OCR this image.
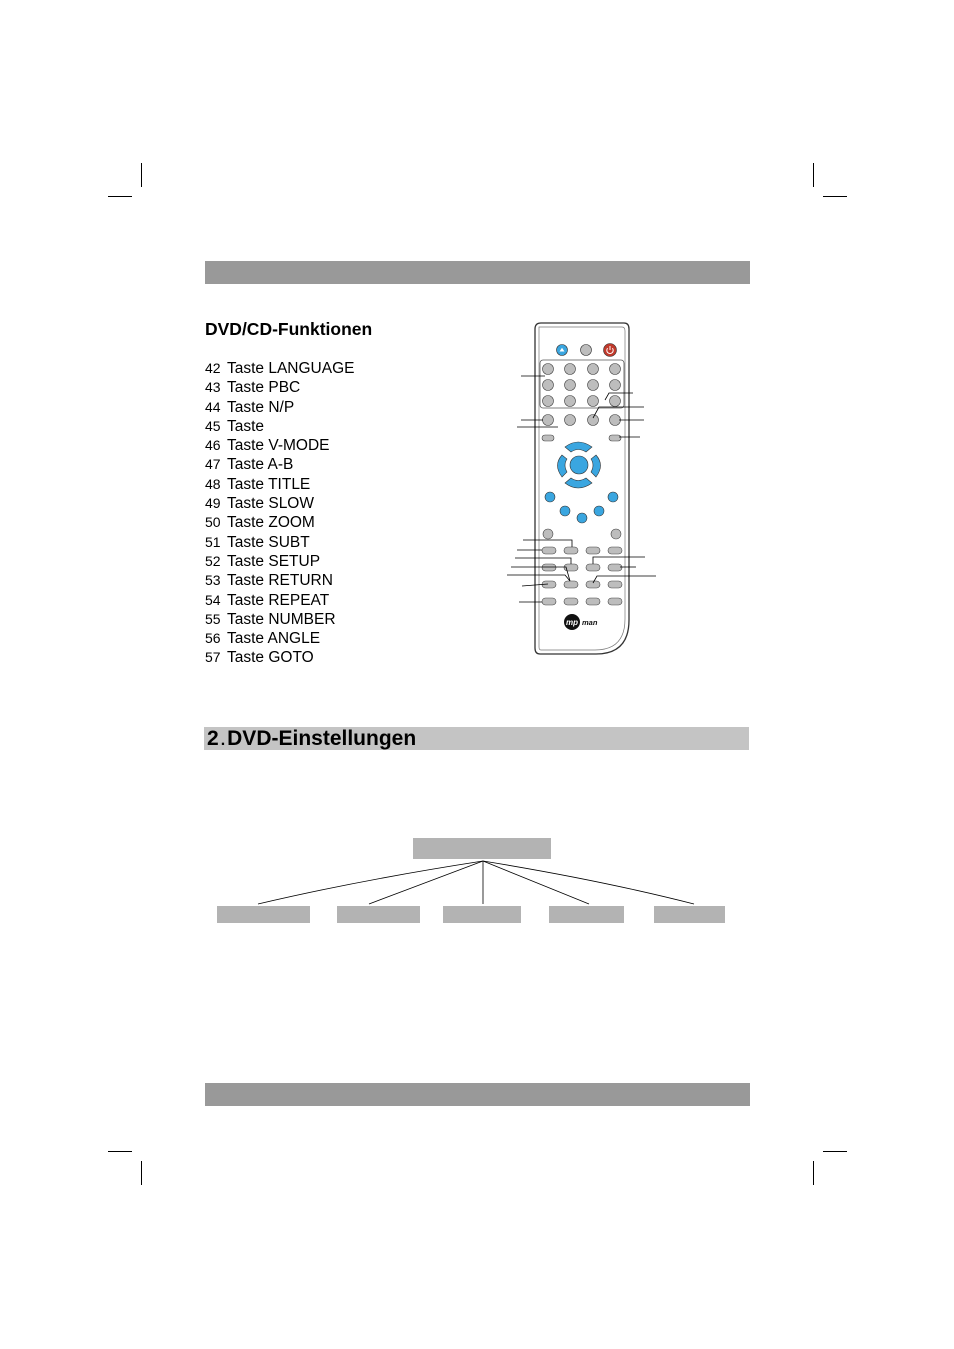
DVD/CD-Funktionen
42 Taste LANGUAGE
43 Taste PBC
44 Taste N/P
45 Taste
46 Taste V-MODE
47 Taste A-B
48 Taste TITLE
49 Taste SLOW
50 Taste ZOOM
51 Taste SUBT
52 Taste SETUP
53 Taste RETURN
54 Taste REPEAT
55 Taste NUMBER
56 Taste ANGLE
57 Taste GOTO
mp man
2 .DVD-Einstellungen
